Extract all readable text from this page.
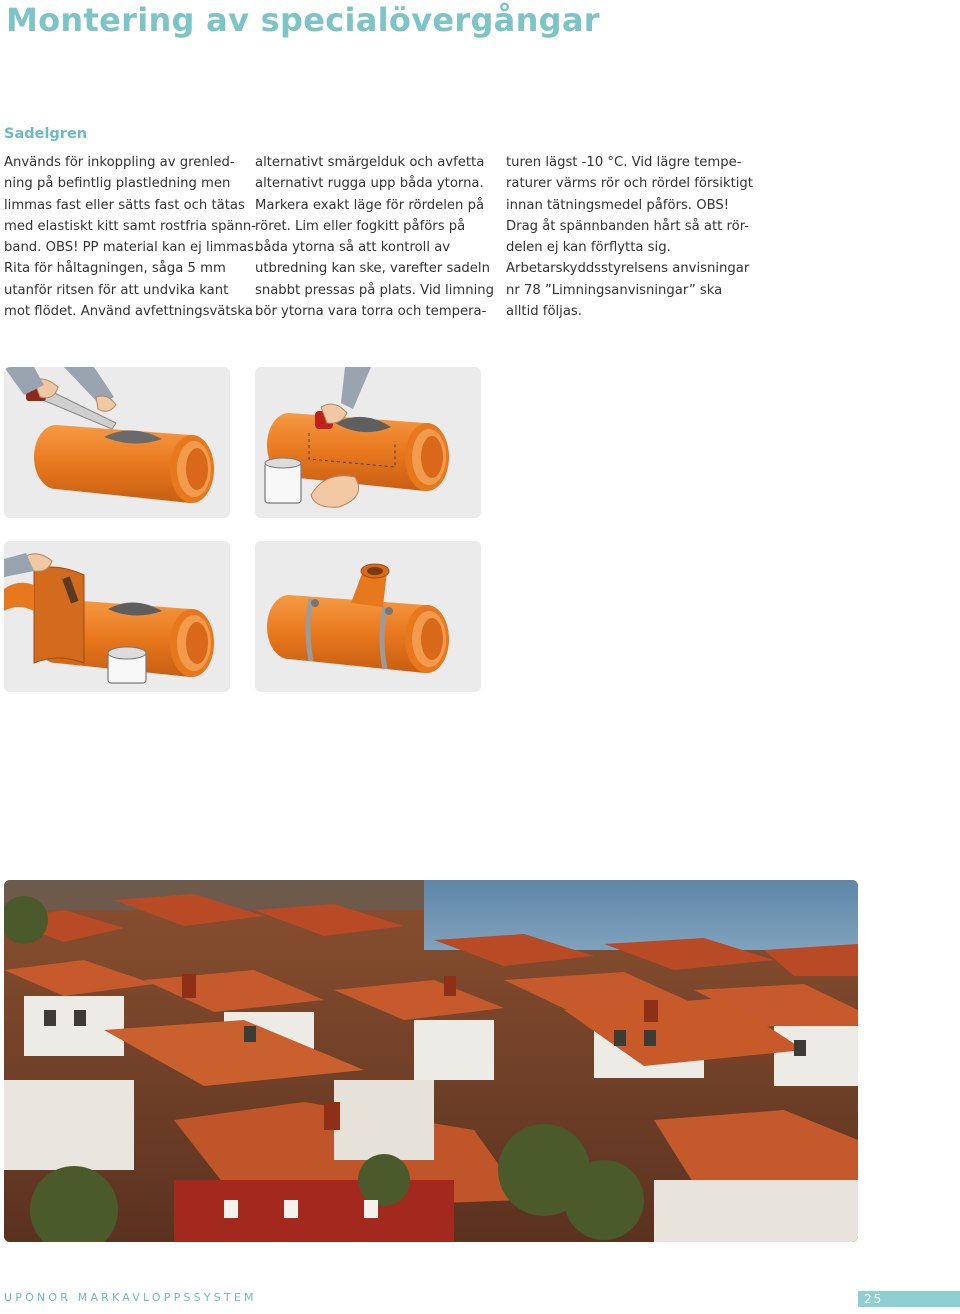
Montering av specialövergångar
Sadelgren
Används för inkoppling av grenled-
ning på befintlig plastledning men
limmas fast eller sätts fast och tätas
med elastiskt kitt samt rostfria spänn-
band. OBS! PP material kan ej limmas.
Rita för håltagningen, såga 5 mm
utanför ritsen för att undvika kant
mot flödet. Använd avfettningsvätska
alternativt smärgelduk och avfetta
alternativt rugga upp båda ytorna.
Markera exakt läge för rördelen på
röret. Lim eller fogkitt påförs på
båda ytorna så att kontroll av
utbredning kan ske, varefter sadeln
snabbt pressas på plats. Vid limning
bör ytorna vara torra och tempera-
turen lägst -10 °C. Vid lägre tempe-
raturer värms rör och rördel försiktigt
innan tätningsmedel påförs. OBS!
Drag åt spännbanden hårt så att rör-
delen ej kan förflytta sig.
Arbetarskyddsstyrelsens anvisningar
nr 78 ”Limningsanvisningar” ska
alltid följas.
UPONOR MARKAVLOPPSSYSTEM	25
